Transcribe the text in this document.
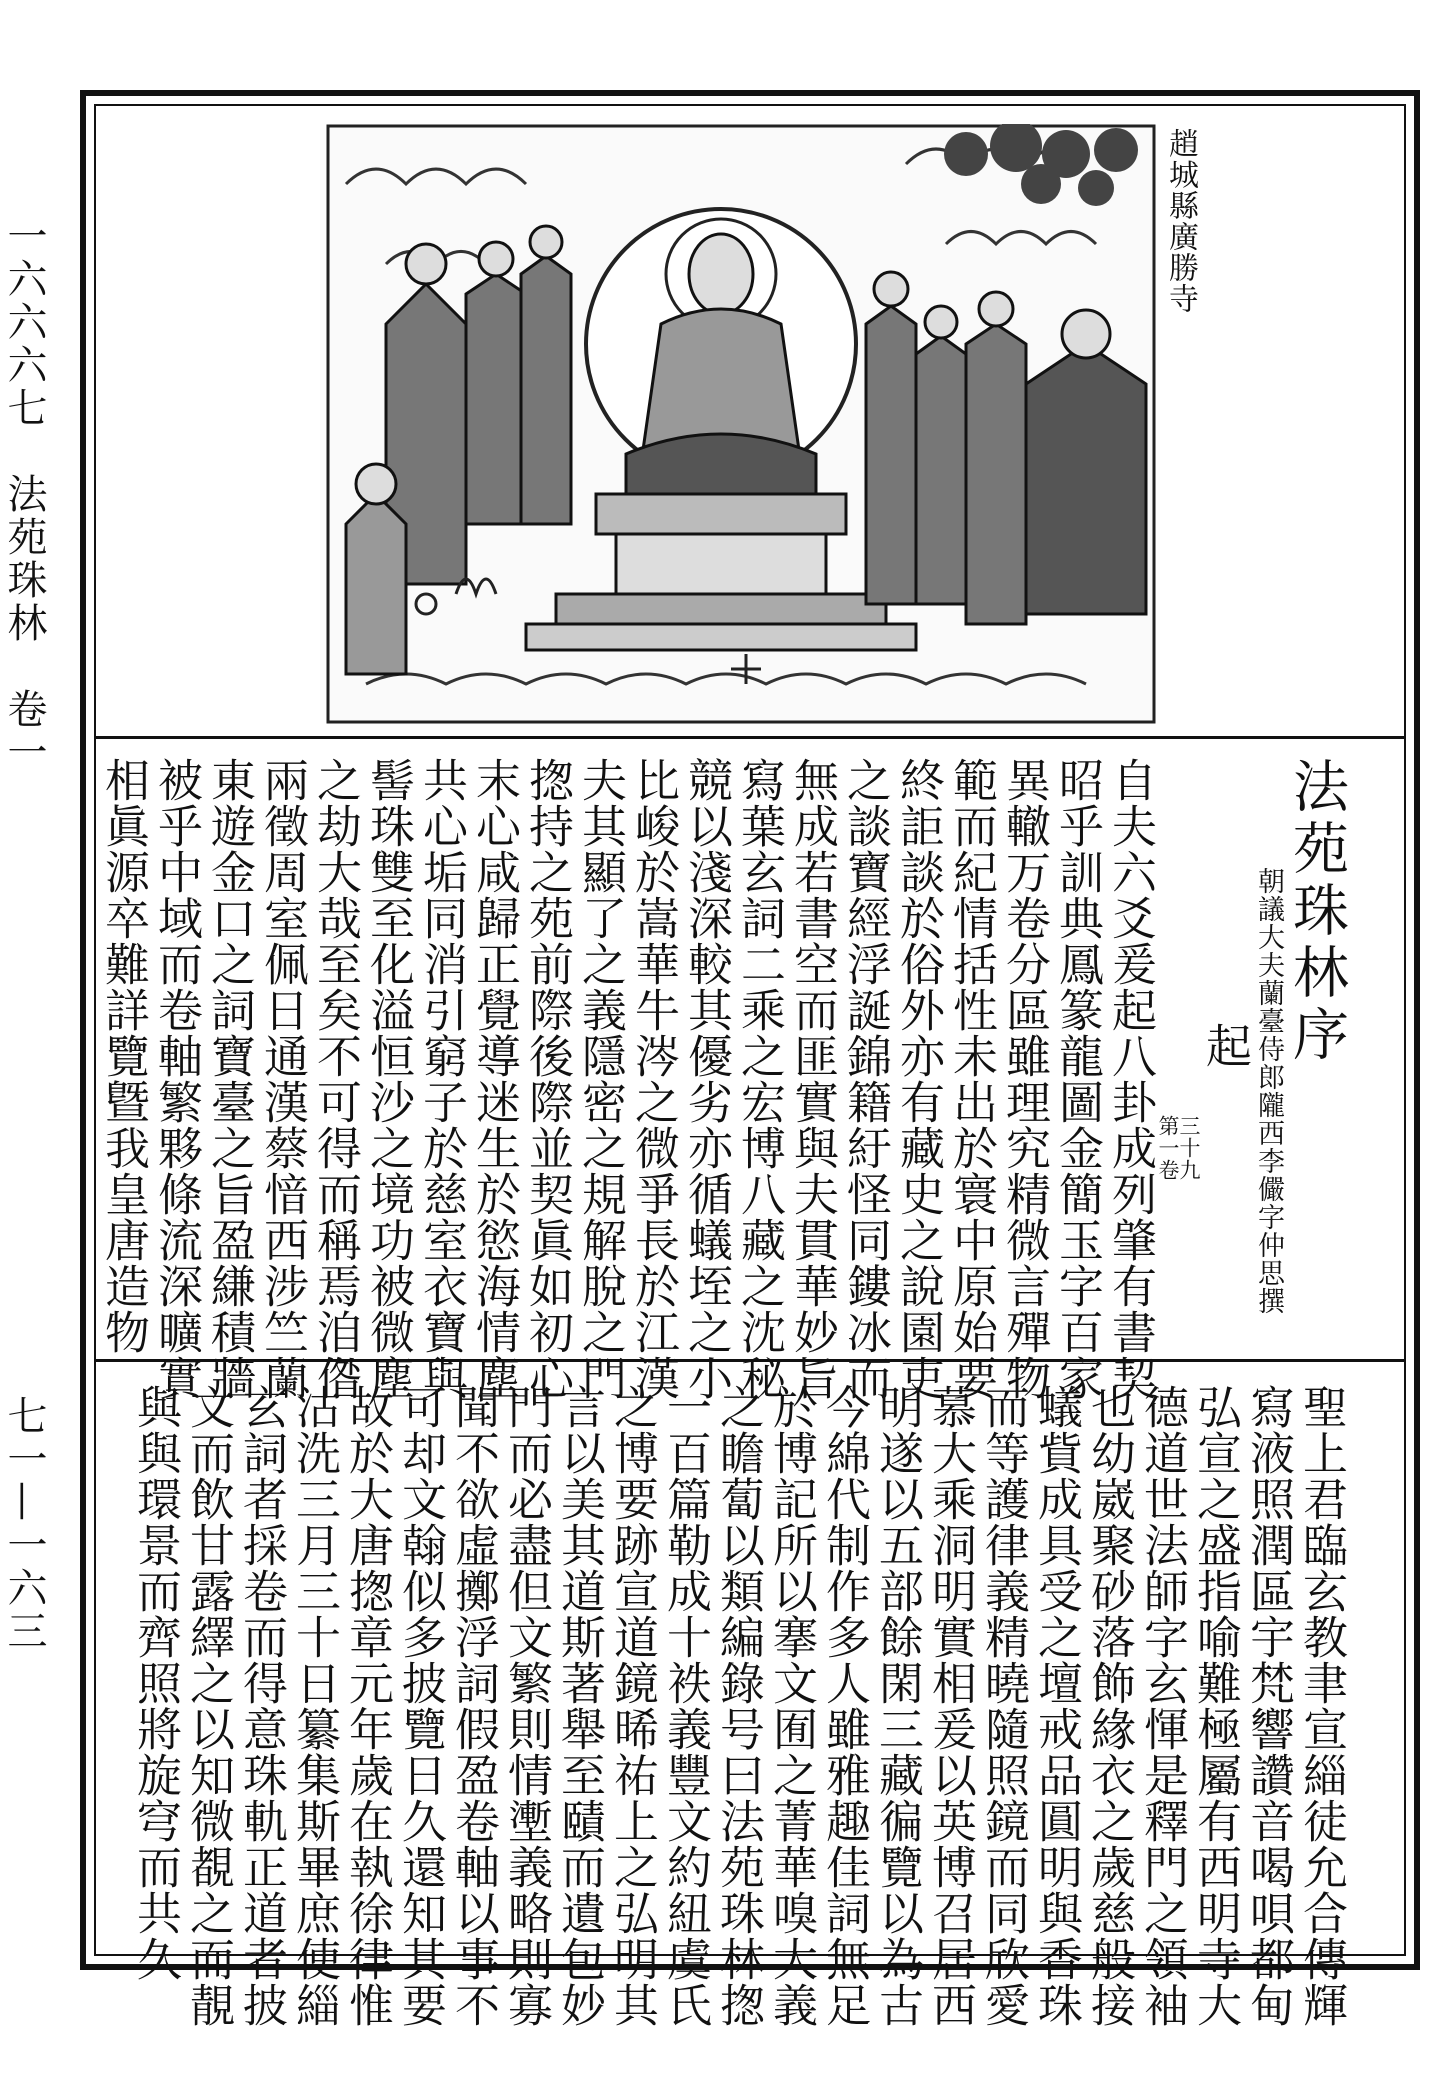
一六六六七　法苑珠林　卷一
七一—一六三
趙城縣廣勝寺
法苑珠林序
朝議大夫蘭臺侍郎隴西李儼字仲思撰
起
三十九
第一卷
自夫六爻爰起八卦成列肇有書契
昭乎訓典鳳篆龍圖金簡玉字百家
異轍万卷分區雖理究精微言殫物
範而紀情括性未出於寰中原始要
終詎談於俗外亦有藏史之說園吏
之談寶經浮誕錦籍紆怪同鏤冰而
無成若書空而匪實與夫貫華妙旨
寫葉玄詞二乘之宏博八藏之沈秘
競以淺深較其優劣亦循蟻垤之小
比峻於嵩華牛涔之微爭長於江漢
夫其顯了之義隱密之規解脫之門
揔持之苑前際後際並契眞如初心
末心咸歸正覺導迷生於慾海情塵
共心垢同消引窮子於慈室衣寶與
髻珠雙至化溢恒沙之境功被微塵
之劫大哉至矣不可得而稱焉洎偺
兩徵周室佩日通漢蔡愔西涉竺蘭
東遊金口之詞寶臺之旨盈縑積牆
被乎中域而卷軸繁夥條流深曠實
相眞源卒難詳覽曁我皇唐造物
聖上君臨玄教聿宣緇徒允合傳輝
寫液照潤區宇梵響讚音喝唄都甸
弘宣之盛指喻難極屬有西明寺大
德道世法師字玄惲是釋門之領袖
也幼崴聚砂落飾緣衣之歲慈般接
蟻貲成具受之壇戒品圓明與香珠
而等護律義精曉隨照鏡而同欣愛
慕大乘洞明實相爰以英博召居西
明遂以五部餘閑三藏徧覽以為古
今綿代制作多人雖雅趣佳詞無足
於博記所以搴文囿之菁華嗅大義
之瞻蔔以類編錄号曰法苑珠林揔
一百篇勒成十袟義豐文約紐虞氏
之博要跡宣道鏡晞祐上之弘明其
言以美其道斯著舉至賾而遺包妙
門而必盡但文繁則情壍義略則寡
聞不欲虛擲浮詞假盈卷軸以事不
可却文翰似多披覽日久還知其要
故於大唐揔章元年歲在執徐律惟
沽洗三月三十日纂集斯畢庶使緇
玄詞者採卷而得意珠軌正道者披
文而飲甘露繹之以知微覩之而靚
與與環景而齊照將旋穹而共久
